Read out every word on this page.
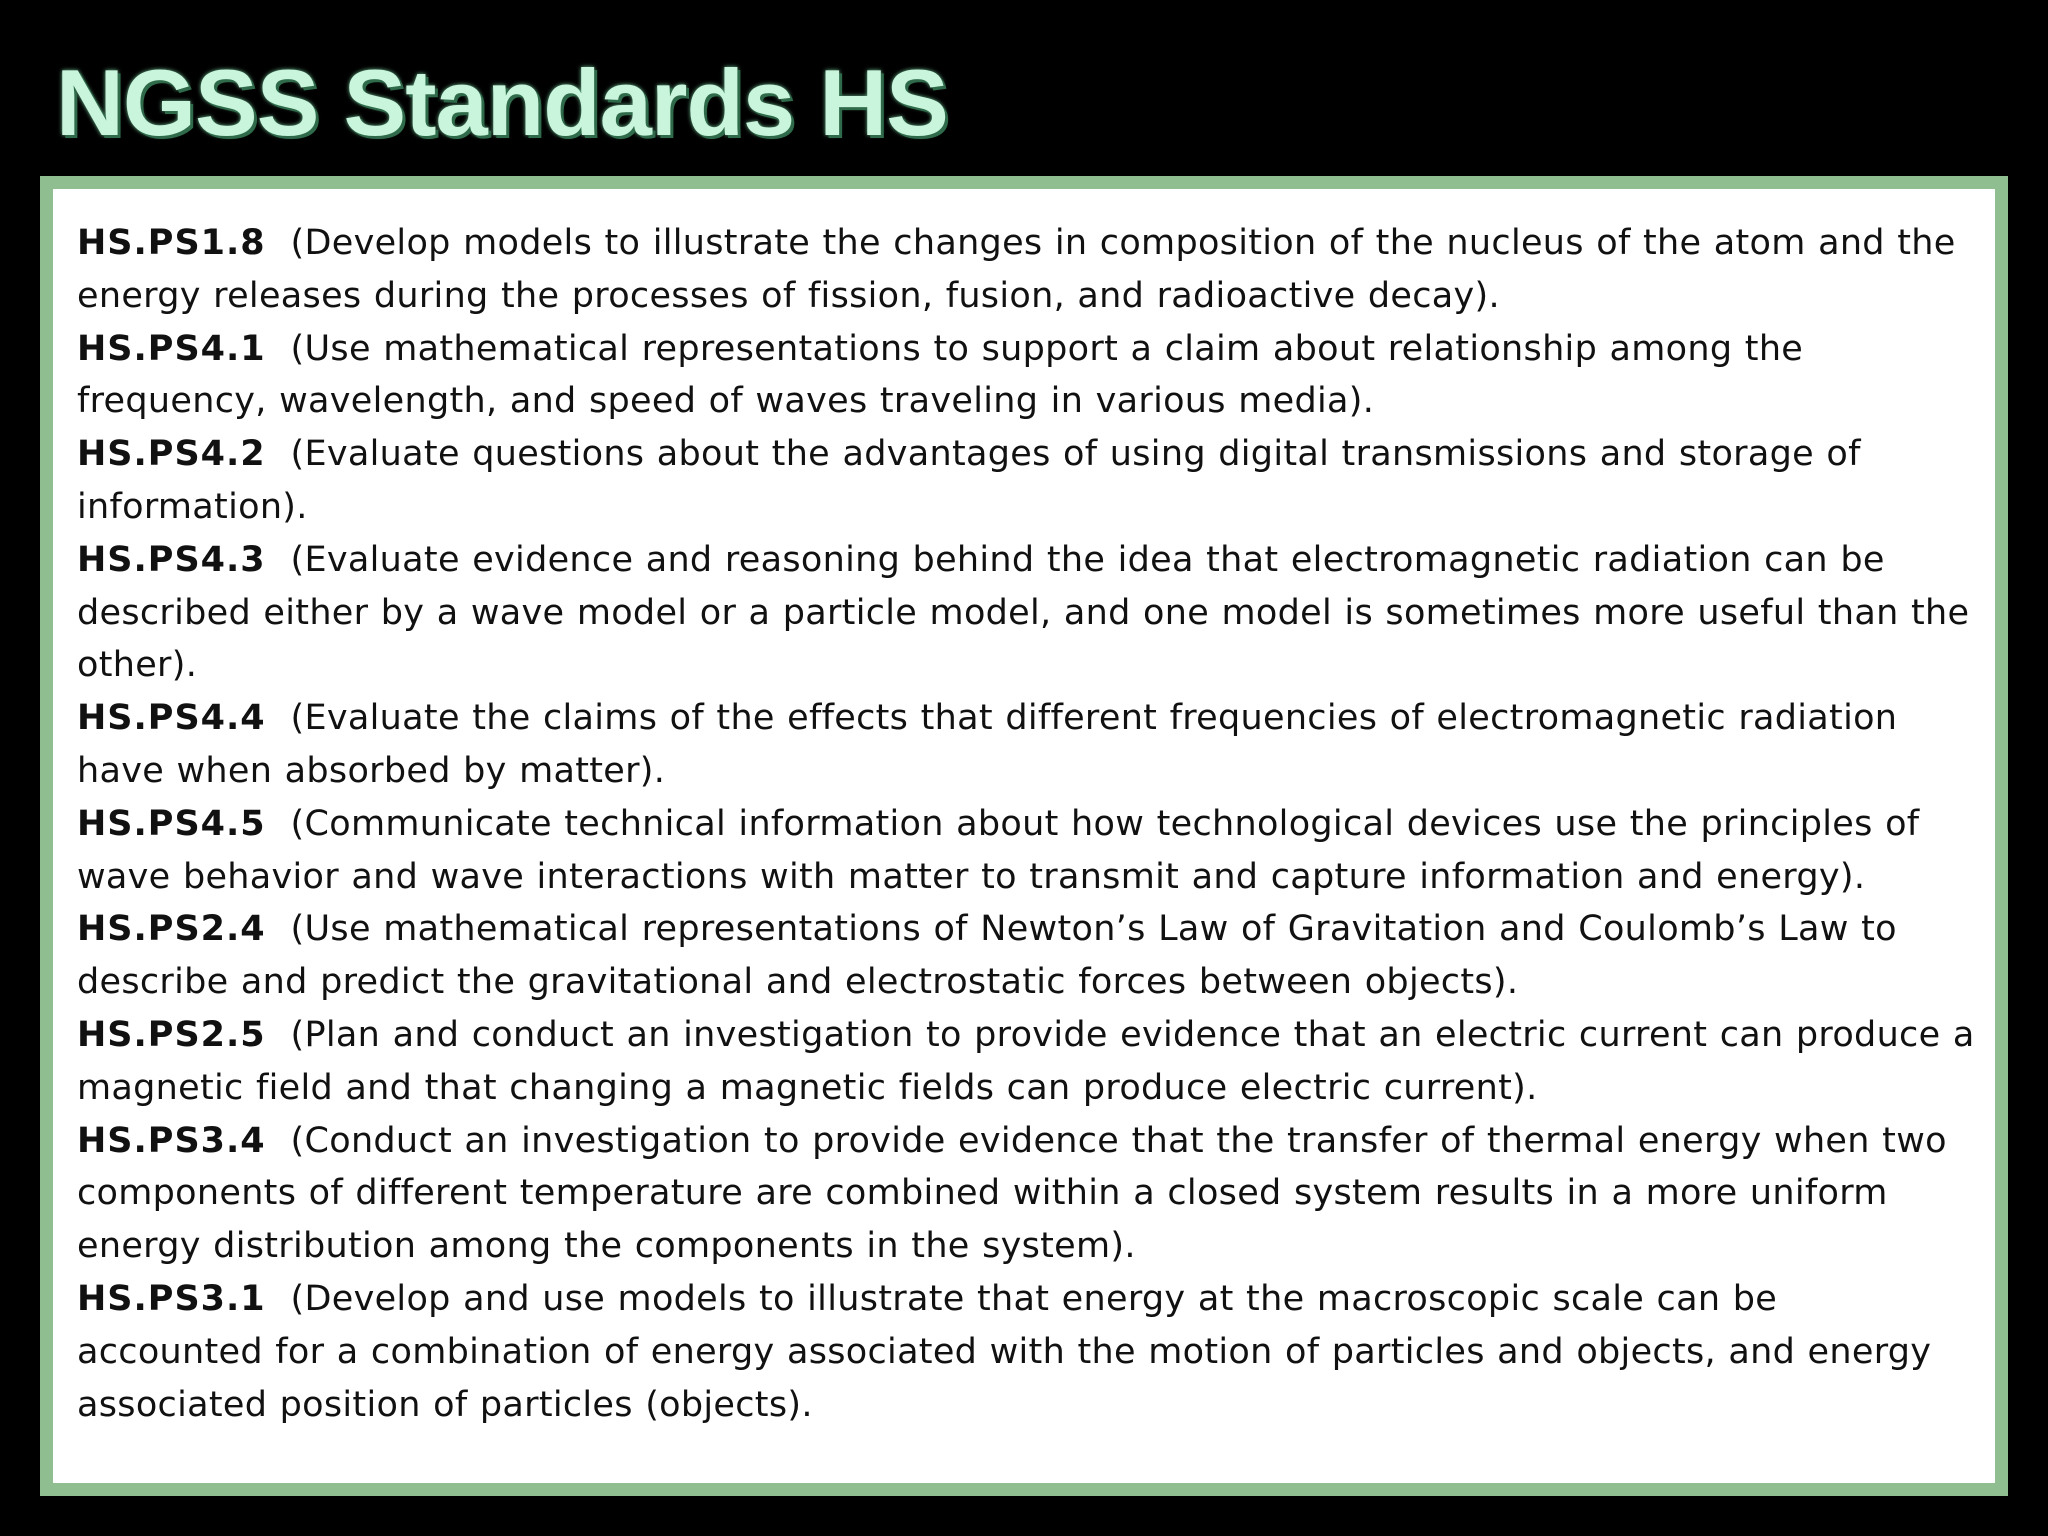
NGSS Standards HS

HS.PS1.8 (Develop models to illustrate the changes in composition of the nucleus of the atom and the energy releases during the processes of fission, fusion, and radioactive decay).

HS.PS4.1 (Use mathematical representations to support a claim about relationship among the frequency, wavelength, and speed of waves traveling in various media).

HS.PS4.2 (Evaluate questions about the advantages of using digital transmissions and storage of information).

HS.PS4.3 (Evaluate evidence and reasoning behind the idea that electromagnetic radiation can be described either by a wave model or a particle model, and one model is sometimes more useful than the other).

HS.PS4.4 (Evaluate the claims of the effects that different frequencies of electromagnetic radiation have when absorbed by matter).

HS.PS4.5 (Communicate technical information about how technological devices use the principles of wave behavior and wave interactions with matter to transmit and capture information and energy).

HS.PS2.4 (Use mathematical representations of Newton’s Law of Gravitation and Coulomb’s Law to describe and predict the gravitational and electrostatic forces between objects).

HS.PS2.5 (Plan and conduct an investigation to provide evidence that an electric current can produce a magnetic field and that changing a magnetic fields can produce electric current).

HS.PS3.4 (Conduct an investigation to provide evidence that the transfer of thermal energy when two components of different temperature are combined within a closed system results in a more uniform energy distribution among the components in the system).

HS.PS3.1 (Develop and use models to illustrate that energy at the macroscopic scale can be accounted for a combination of energy associated with the motion of particles and objects, and energy associated position of particles (objects).
